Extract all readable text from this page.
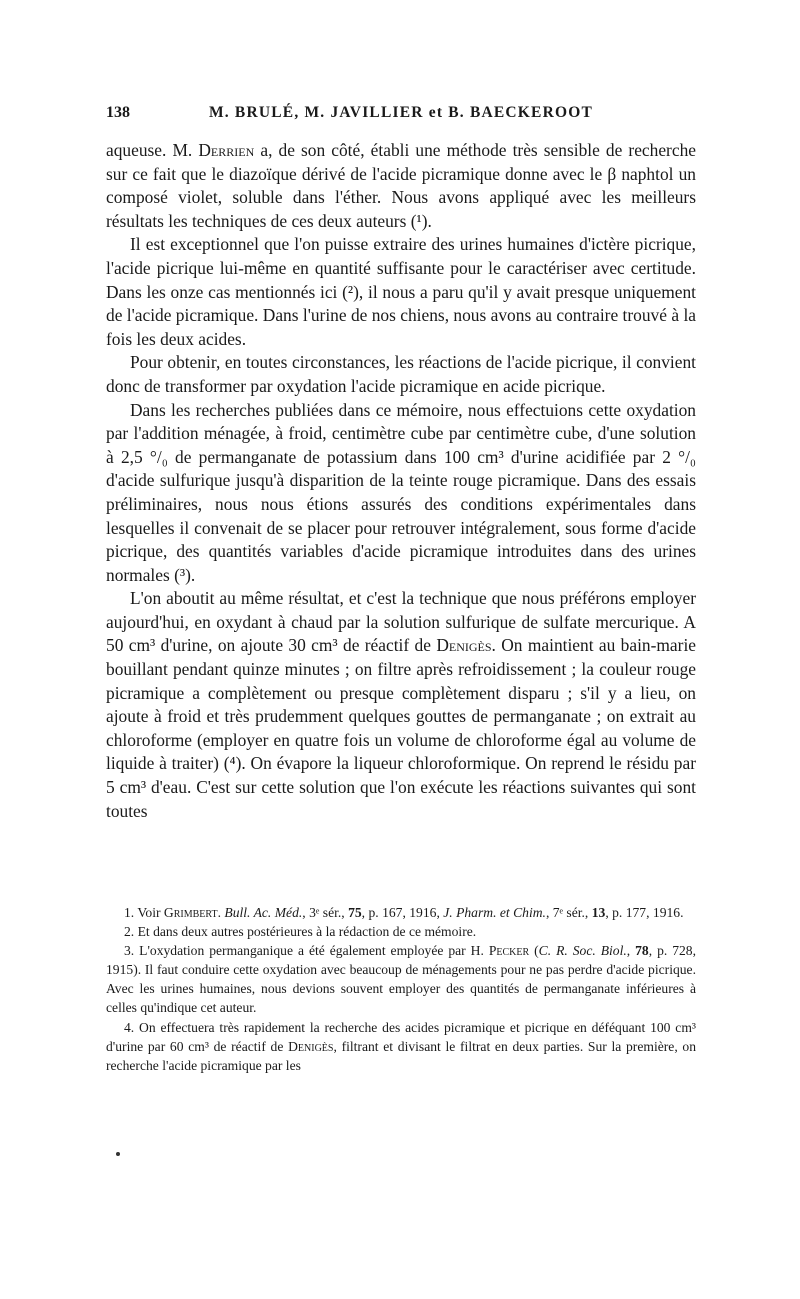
138	M. BRULÉ, M. JAVILLIER et B. BAECKEROOT

aqueuse. M. Derrien a, de son côté, établi une méthode très sensible de recherche sur ce fait que le diazoïque dérivé de l'acide picramique donne avec le β naphtol un composé violet, soluble dans l'éther. Nous avons appliqué avec les meilleurs résultats les techniques de ces deux auteurs (¹).

Il est exceptionnel que l'on puisse extraire des urines humaines d'ictère picrique, l'acide picrique lui-même en quantité suffisante pour le caractériser avec certitude. Dans les onze cas mentionnés ici (²), il nous a paru qu'il y avait presque uniquement de l'acide picramique. Dans l'urine de nos chiens, nous avons au contraire trouvé à la fois les deux acides.

Pour obtenir, en toutes circonstances, les réactions de l'acide picrique, il convient donc de transformer par oxydation l'acide picramique en acide picrique.

Dans les recherches publiées dans ce mémoire, nous effectuions cette oxydation par l'addition ménagée, à froid, centimètre cube par centimètre cube, d'une solution à 2,5 °/₀ de permanganate de potassium dans 100 cm³ d'urine acidifiée par 2 °/₀ d'acide sulfurique jusqu'à disparition de la teinte rouge picramique. Dans des essais préliminaires, nous nous étions assurés des conditions expérimentales dans lesquelles il convenait de se placer pour retrouver intégralement, sous forme d'acide picrique, des quantités variables d'acide picramique introduites dans des urines normales (³).

L'on aboutit au même résultat, et c'est la technique que nous préférons employer aujourd'hui, en oxydant à chaud par la solution sulfurique de sulfate mercurique. A 50 cm³ d'urine, on ajoute 30 cm³ de réactif de Denigès. On maintient au bain-marie bouillant pendant quinze minutes ; on filtre après refroidissement ; la couleur rouge picramique a complètement ou presque complètement disparu ; s'il y a lieu, on ajoute à froid et très prudemment quelques gouttes de permanganate ; on extrait au chloroforme (employer en quatre fois un volume de chloroforme égal au volume de liquide à traiter) (⁴). On évapore la liqueur chloroformique. On reprend le résidu par 5 cm³ d'eau. C'est sur cette solution que l'on exécute les réactions suivantes qui sont toutes

1. Voir Grimbert. Bull. Ac. Méd., 3ᵉ sér., 75, p. 167, 1916, J. Pharm. et Chim., 7ᵉ sér., 13, p. 177, 1916.

2. Et dans deux autres postérieures à la rédaction de ce mémoire.

3. L'oxydation permanganique a été également employée par H. Pecker (C. R. Soc. Biol., 78, p. 728, 1915). Il faut conduire cette oxydation avec beaucoup de ménagements pour ne pas perdre d'acide picrique. Avec les urines humaines, nous devions souvent employer des quantités de permanganate inférieures à celles qu'indique cet auteur.

4. On effectuera très rapidement la recherche des acides picramique et picrique en déféquant 100 cm³ d'urine par 60 cm³ de réactif de Denigès, filtrant et divisant le filtrat en deux parties. Sur la première, on recherche l'acide picramique par les
